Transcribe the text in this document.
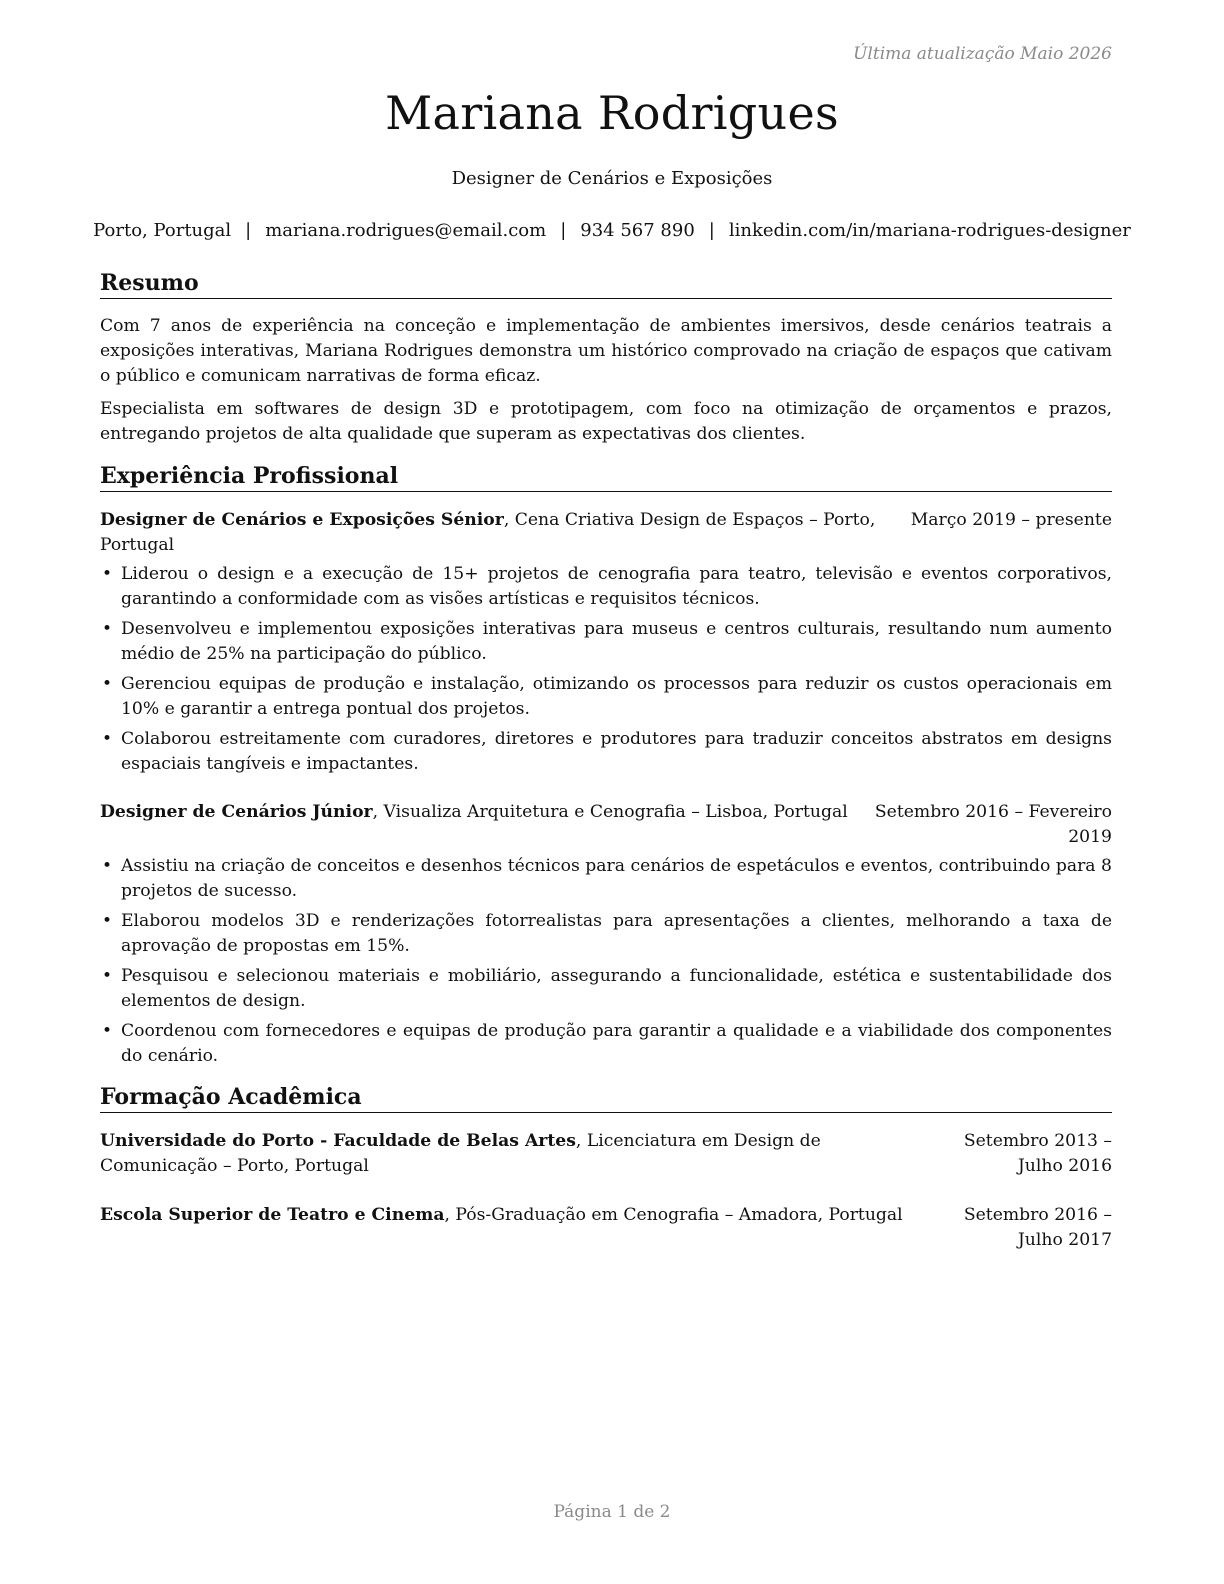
Última atualização Maio 2026
Mariana Rodrigues
Designer de Cenários e Exposições
Porto, Portugal | mariana.rodrigues@email.com | 934 567 890 | linkedin.com/in/mariana-rodrigues-designer
Resumo

Com 7 anos de experiência na conceção e implementação de ambientes imersivos, desde cenários teatrais a exposições interativas, Mariana Rodrigues demonstra um histórico comprovado na criação de espaços que cativam o público e comunicam narrativas de forma eficaz.

Especialista em softwares de design 3D e prototipagem, com foco na otimização de orçamentos e prazos, entregando projetos de alta qualidade que superam as expectativas dos clientes.

Experiência Profissional
Designer de Cenários e Exposições Sénior, Cena Criativa Design de Espaços – Porto, Portugal
Março 2019 – presente
• Liderou o design e a execução de 15+ projetos de cenografia para teatro, televisão e eventos corporativos, garantindo a conformidade com as visões artísticas e requisitos técnicos.
• Desenvolveu e implementou exposições interativas para museus e centros culturais, resultando num aumento médio de 25% na participação do público.
• Gerenciou equipas de produção e instalação, otimizando os processos para reduzir os custos operacionais em 10% e garantir a entrega pontual dos projetos.
• Colaborou estreitamente com curadores, diretores e produtores para traduzir conceitos abstratos em designs espaciais tangíveis e impactantes.
Designer de Cenários Júnior, Visualiza Arquitetura e Cenografia – Lisboa, Portugal	Setembro 2016 – Fevereiro 2019
• Assistiu na criação de conceitos e desenhos técnicos para cenários de espetáculos e eventos, contribuindo para 8 projetos de sucesso.
• Elaborou modelos 3D e renderizações fotorrealistas para apresentações a clientes, melhorando a taxa de aprovação de propostas em 15%.
• Pesquisou e selecionou materiais e mobiliário, assegurando a funcionalidade, estética e sustentabilidade dos elementos de design.
• Coordenou com fornecedores e equipas de produção para garantir a qualidade e a viabilidade dos componentes do cenário.
Formação Acadêmica
Universidade do Porto - Faculdade de Belas Artes, Licenciatura em Design de Comunicação – Porto, Portugal
Setembro 2013 – Julho 2016
Escola Superior de Teatro e Cinema, Pós-Graduação em Cenografia – Amadora, Portugal	Setembro 2016 – Julho 2017
Página 1 de 2
